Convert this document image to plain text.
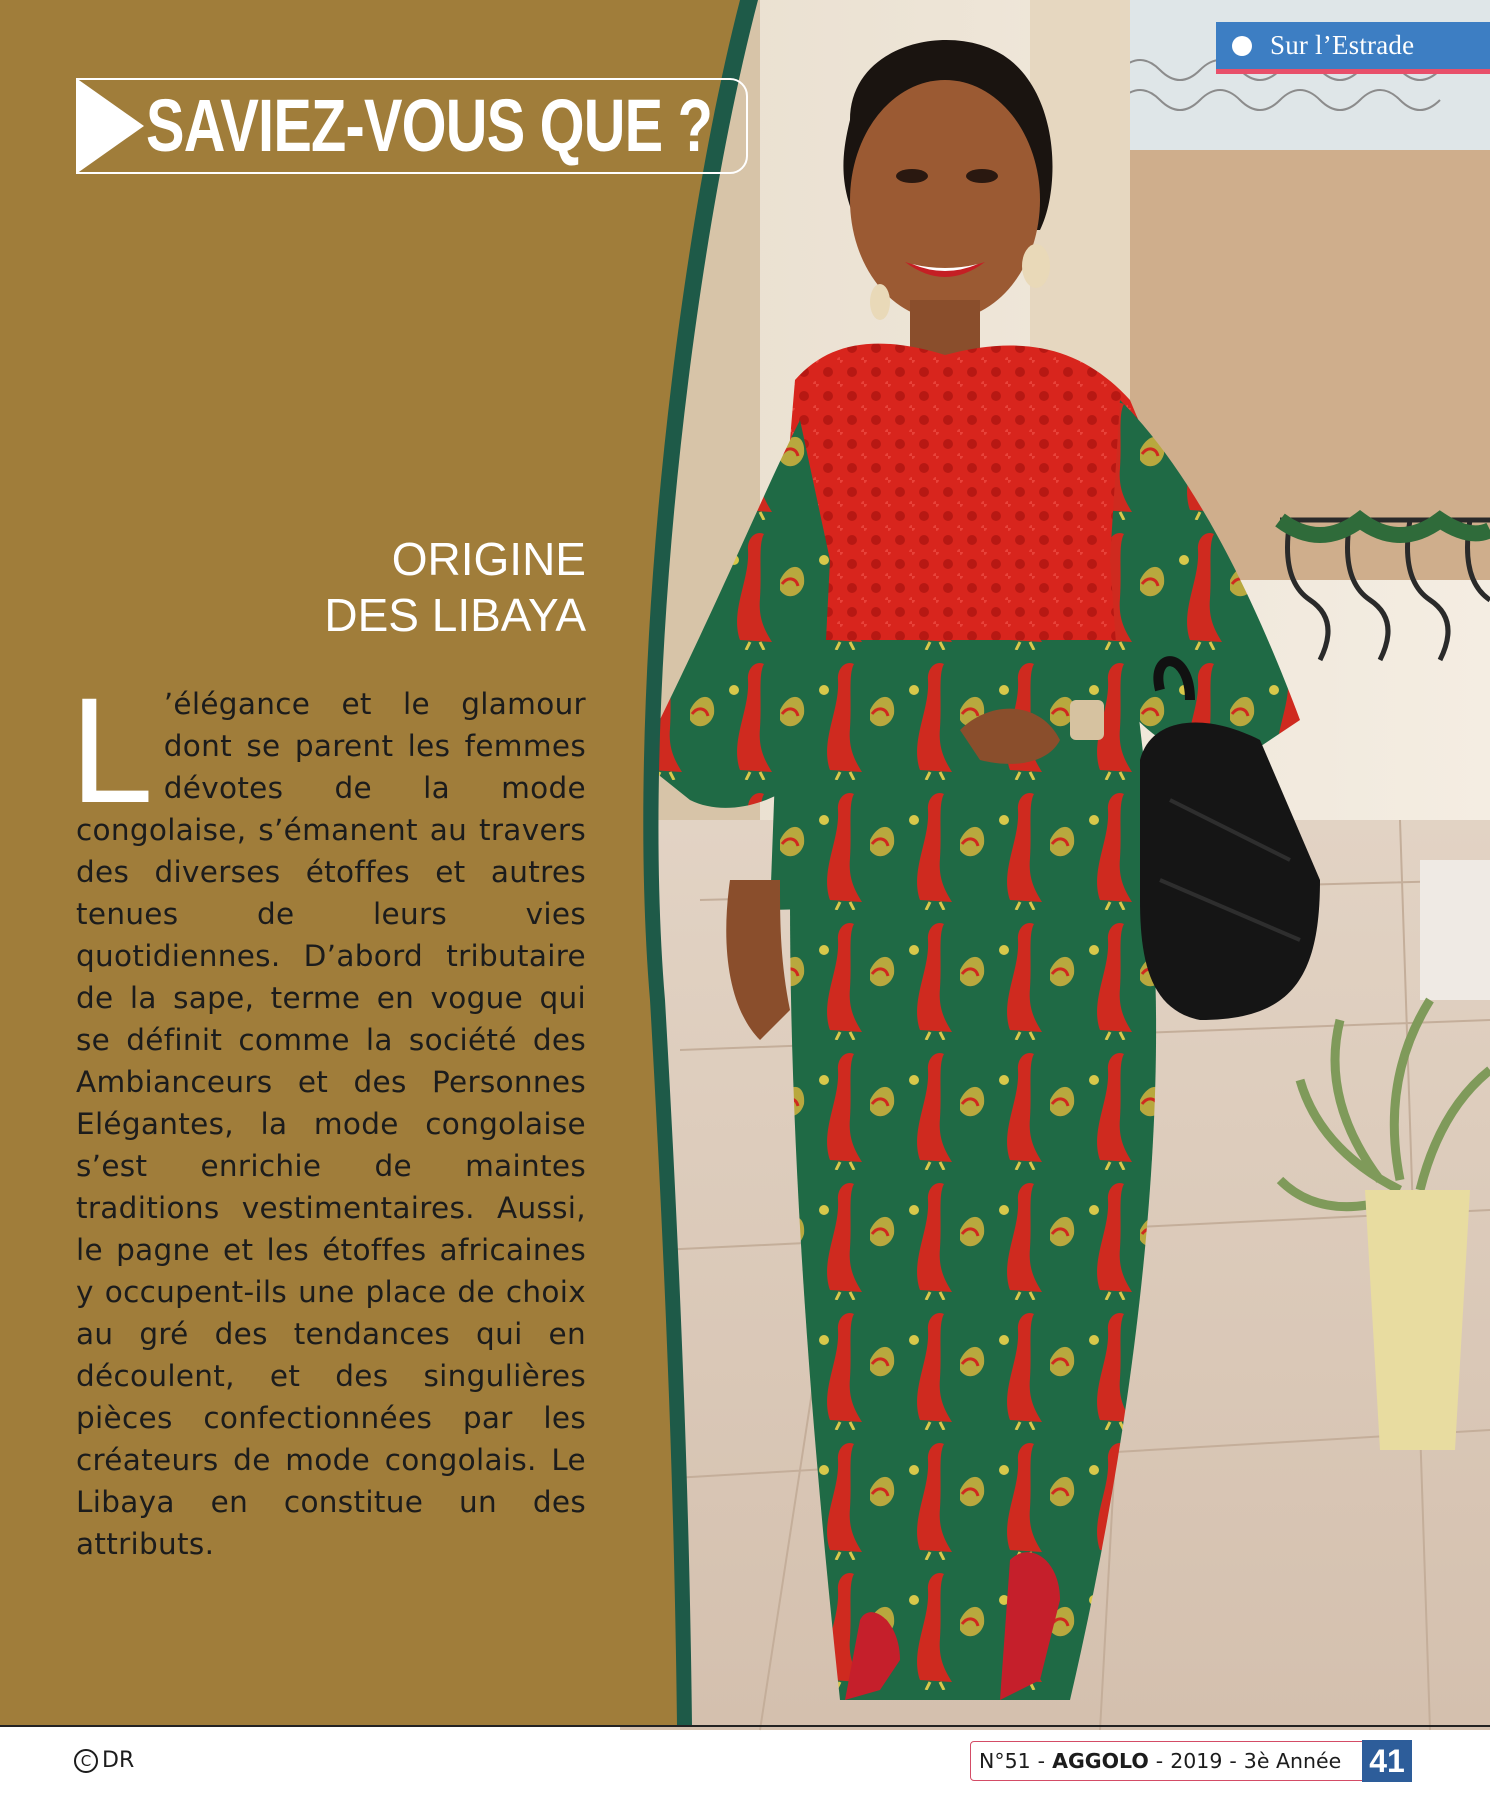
Sur l’Estrade
SAVIEZ-VOUS QUE ?
ORIGINE
DES LIBAYA
L ’élégance et le glamour dont se parent les femmes dévotes de la mode congolaise, s’émanent au travers des diverses étoffes et autres tenues de leurs vies quotidiennes. D’abord tributaire de la sape, terme en vogue qui se définit comme la société des Ambianceurs et des Personnes Elégantes, la mode congolaise s’est enrichie de maintes traditions vestimentaires. Aussi, le pagne et les étoffes africaines y occupent-ils une place de choix au gré des tendances qui en découlent, et des singulières pièces confectionnées par les créateurs de mode congolais. Le Libaya en constitue un des attributs.
C DR	N°51 - AGGOLO - 2019 - 3è Année 41
